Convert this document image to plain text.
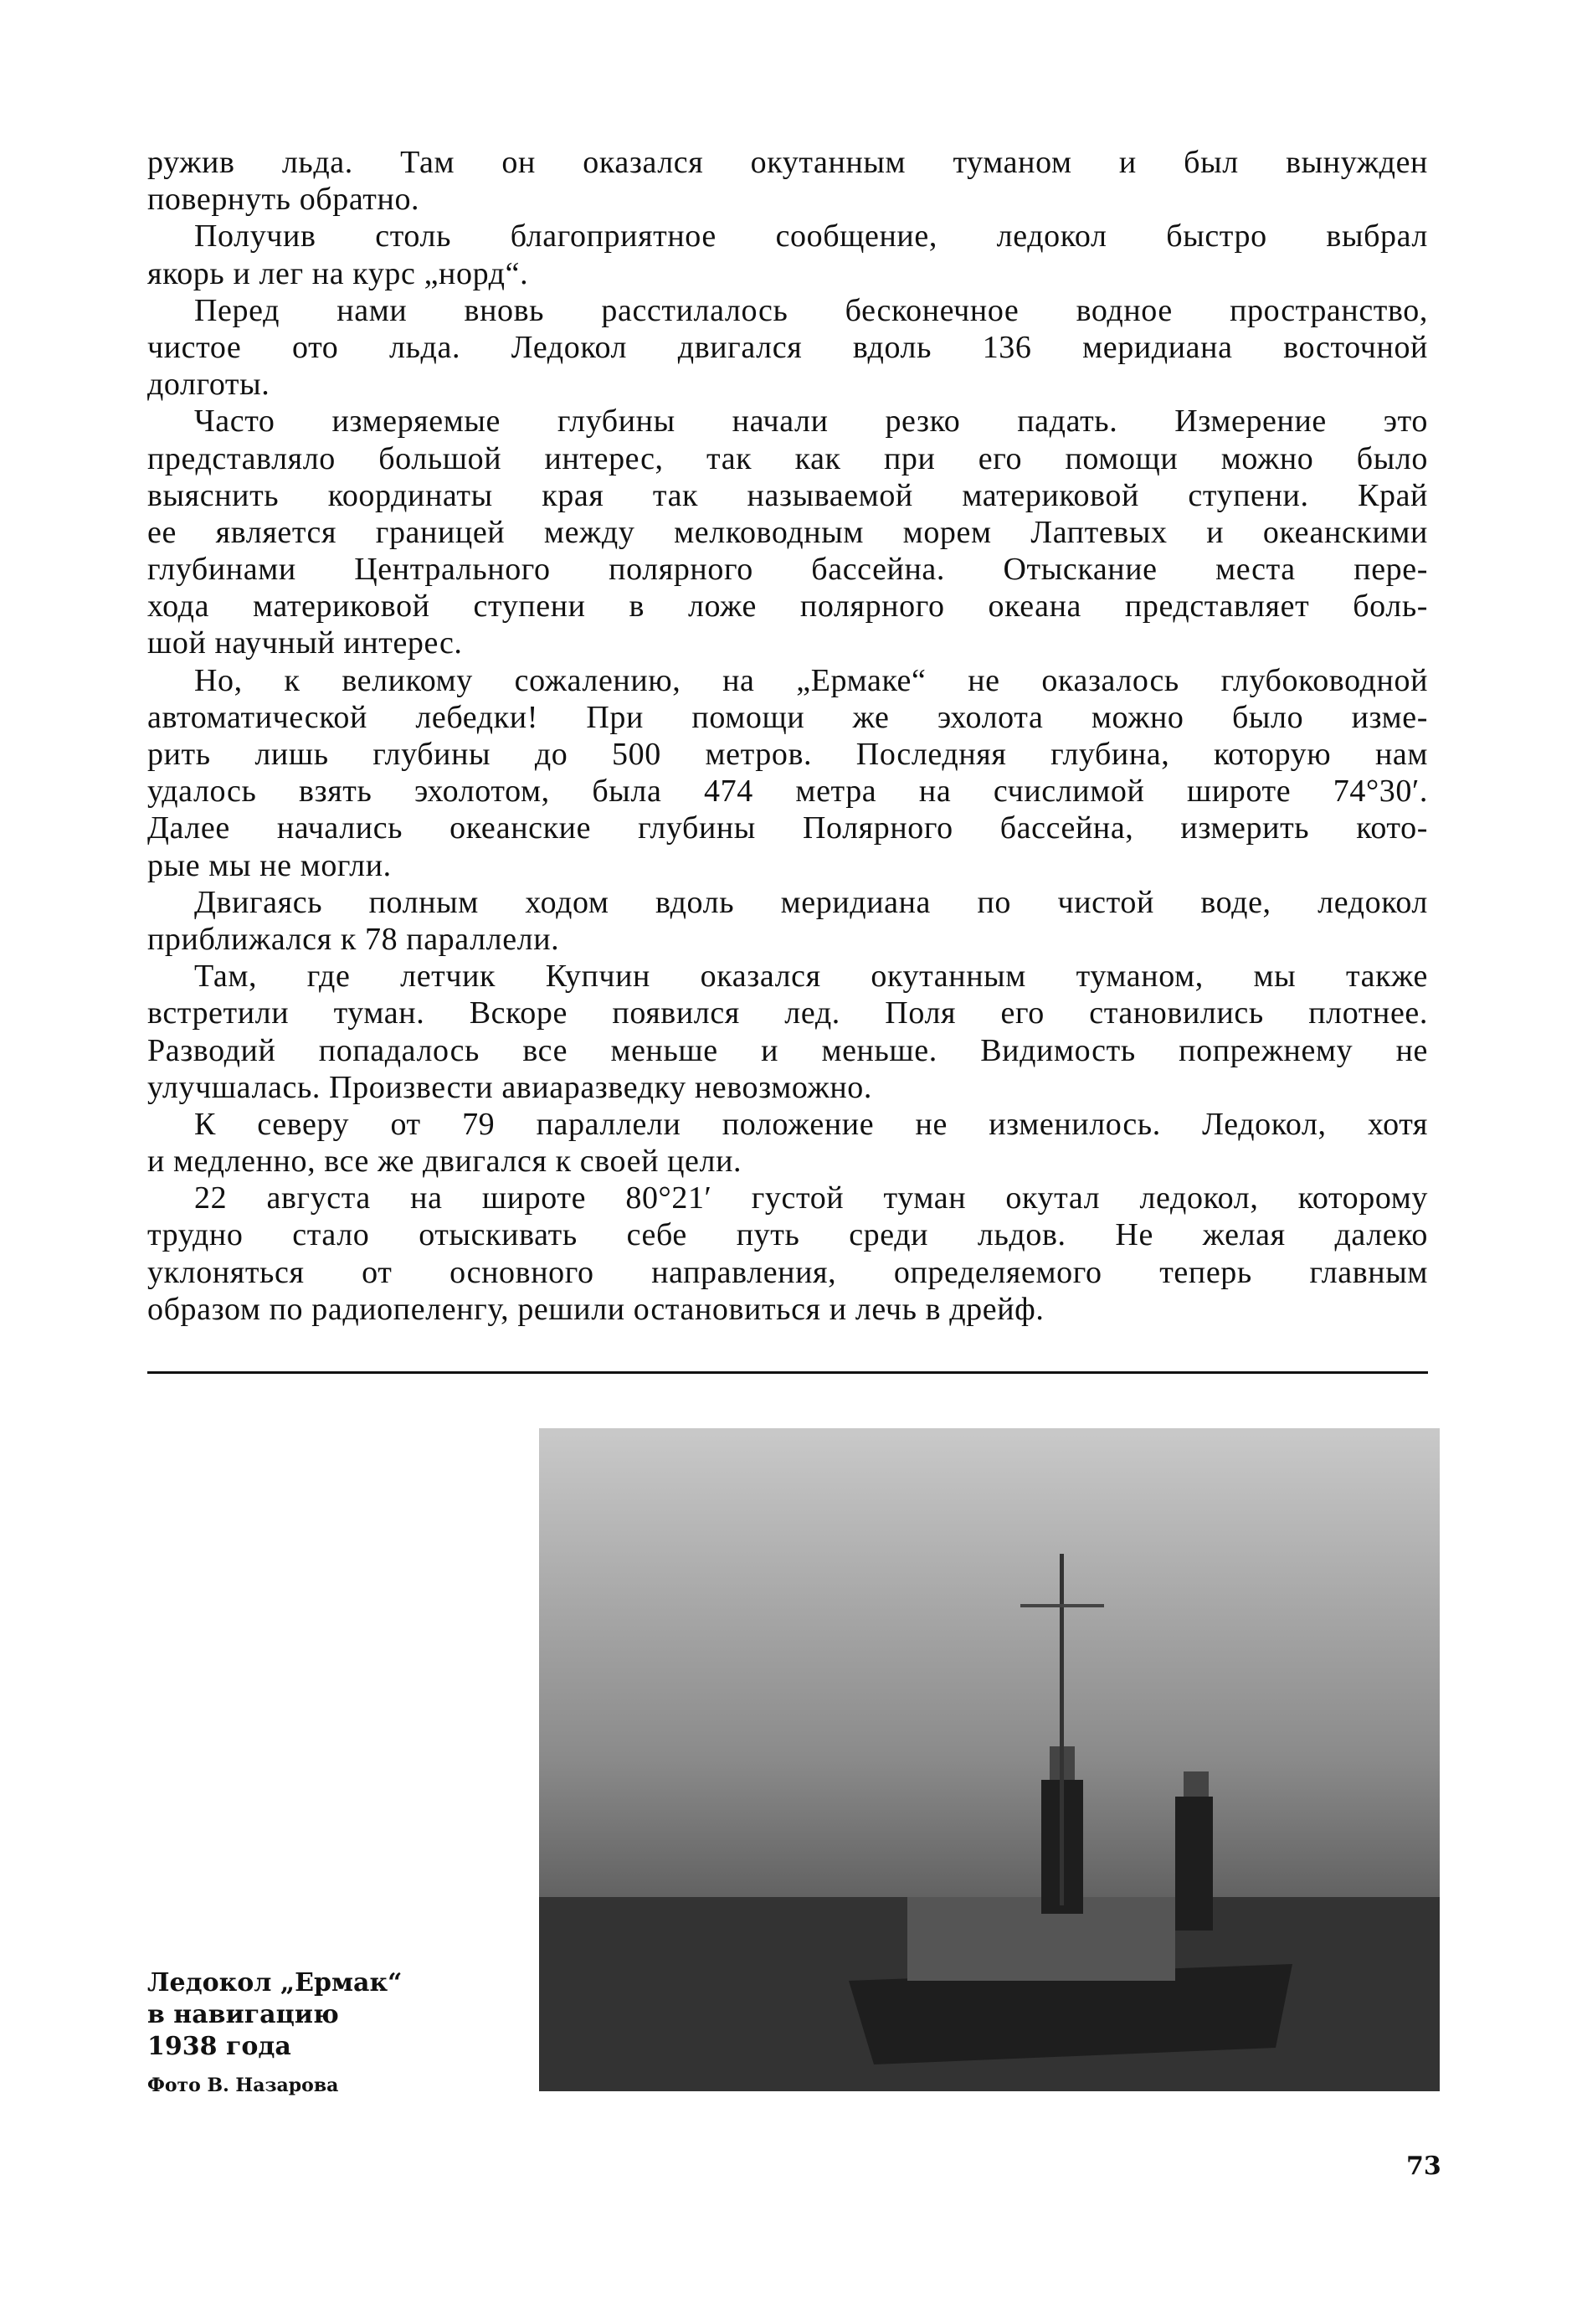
ружив льда. Там он оказался окутанным туманом и был вынужден
повернуть обратно.
Получив столь благоприятное сообщение, ледокол быстро выбрал
якорь и лег на курс „норд“.
Перед нами вновь расстилалось бесконечное водное пространство,
чистое ото льда. Ледокол двигался вдоль 136 меридиана восточной
долготы.
Часто измеряемые глубины начали резко падать. Измерение это
представляло большой интерес, так как при его помощи можно было
выяснить координаты края так называемой материковой ступени. Край
ее является границей между мелководным морем Лаптевых и океанскими
глубинами Центрального полярного бассейна. Отыскание места пере-
хода материковой ступени в ложе полярного океана представляет боль-
шой научный интерес.
Но, к великому сожалению, на „Ермаке“ не оказалось глубоководной
автоматической лебедки! При помощи же эхолота можно было изме-
рить лишь глубины до 500 метров. Последняя глубина, которую нам
удалось взять эхолотом, была 474 метра на счислимой широте 74°30′.
Далее начались океанские глубины Полярного бассейна, измерить кото-
рые мы не могли.
Двигаясь полным ходом вдоль меридиана по чистой воде, ледокол
приближался к 78 параллели.
Там, где летчик Купчин оказался окутанным туманом, мы также
встретили туман. Вскоре появился лед. Поля его становились плотнее.
Разводий попадалось все меньше и меньше. Видимость попрежнему не
улучшалась. Произвести авиаразведку невозможно.
К северу от 79 параллели положение не изменилось. Ледокол, хотя
и медленно, все же двигался к своей цели.
22 августа на широте 80°21′ густой туман окутал ледокол, которому
трудно стало отыскивать себе путь среди льдов. Не желая далеко
уклоняться от основного направления, определяемого теперь главным
образом по радиопеленгу, решили остановиться и лечь в дрейф.
Ледокол „Ермак“
в навигацию
1938 года
Фото В. Назарова
73
